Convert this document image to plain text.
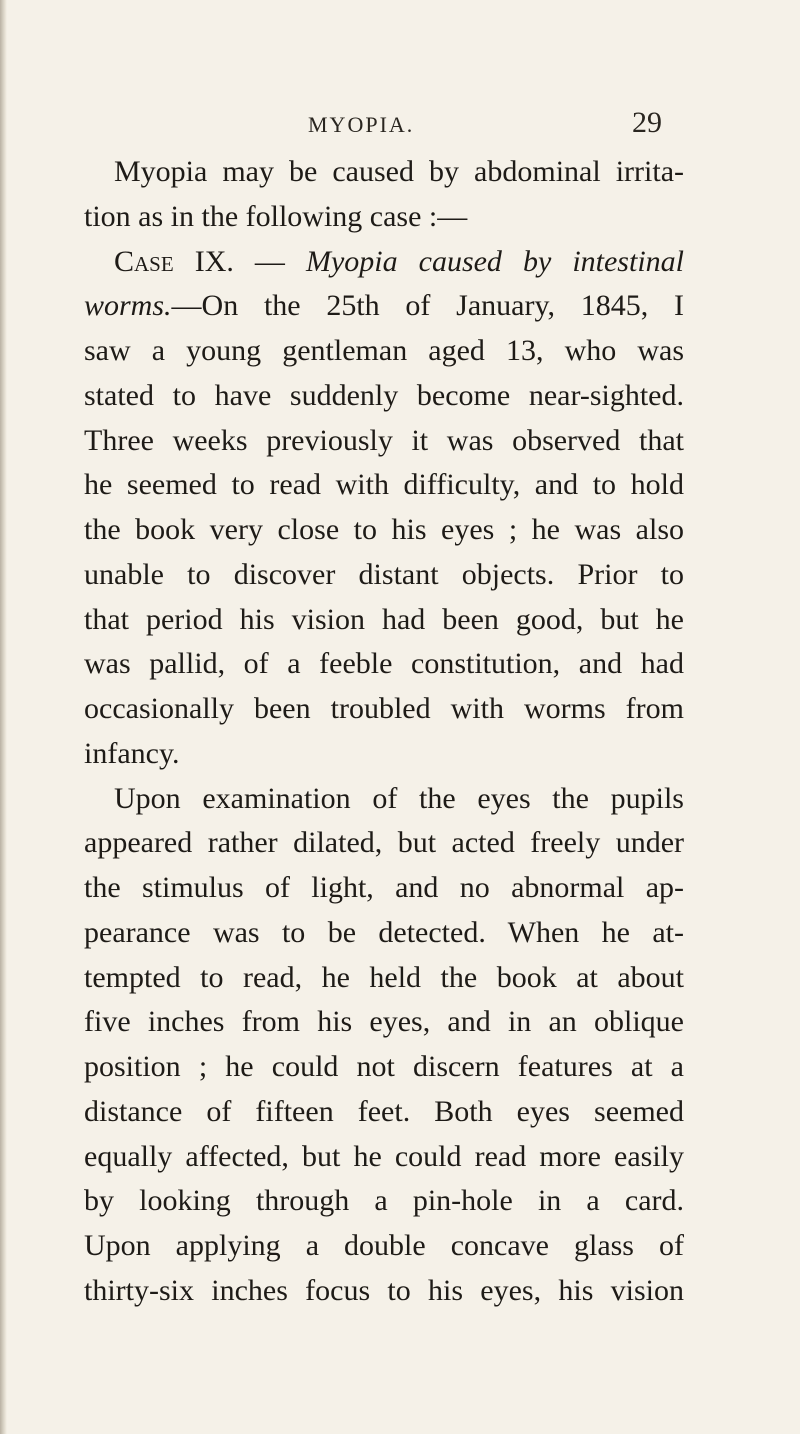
MYOPIA.	29
Myopia may be caused by abdominal irrita-
tion as in the following case :—
Case IX. — Myopia caused by intestinal
worms.—On the 25th of January, 1845, I
saw a young gentleman aged 13, who was
stated to have suddenly become near-sighted.
Three weeks previously it was observed that
he seemed to read with difficulty, and to hold
the book very close to his eyes ; he was also
unable to discover distant objects. Prior to
that period his vision had been good, but he
was pallid, of a feeble constitution, and had
occasionally been troubled with worms from
infancy.
Upon examination of the eyes the pupils
appeared rather dilated, but acted freely under
the stimulus of light, and no abnormal ap-
pearance was to be detected. When he at-
tempted to read, he held the book at about
five inches from his eyes, and in an oblique
position ; he could not discern features at a
distance of fifteen feet. Both eyes seemed
equally affected, but he could read more easily
by looking through a pin-hole in a card.
Upon applying a double concave glass of
thirty-six inches focus to his eyes, his vision
